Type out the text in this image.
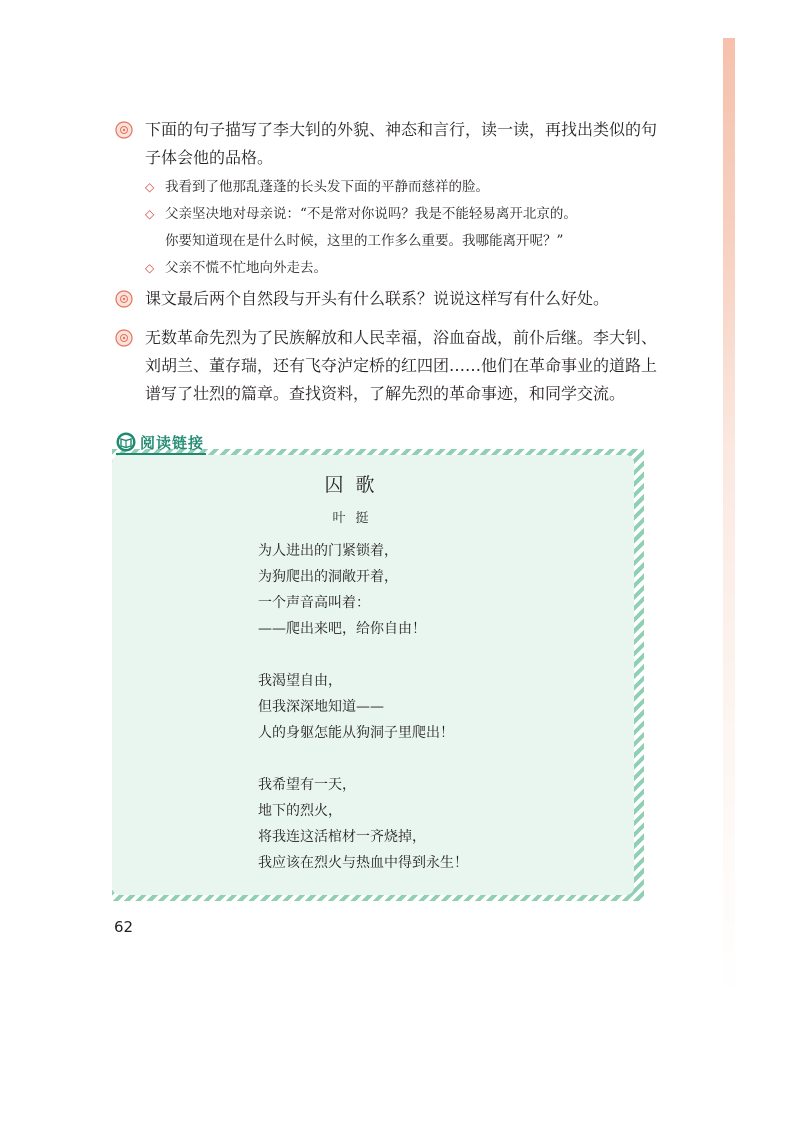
下面的句子描写了李大钊的外貌、神态和言行，读一读，再找出类似的句
子体会他的品格。
◇ 我看到了他那乱蓬蓬的长头发下面的平静而慈祥的脸。
◇ 父亲坚决地对母亲说：“不是常对你说吗？我是不能轻易离开北京的。
你要知道现在是什么时候，这里的工作多么重要。我哪能离开呢？”
◇ 父亲不慌不忙地向外走去。
课文最后两个自然段与开头有什么联系？说说这样写有什么好处。
无数革命先烈为了民族解放和人民幸福，浴血奋战，前仆后继。李大钊、
刘胡兰、董存瑞，还有飞夺泸定桥的红四团……他们在革命事业的道路上
谱写了壮烈的篇章。查找资料，了解先烈的革命事迹，和同学交流。
阅读链接
囚歌
叶挺
为人进出的门紧锁着，
为狗爬出的洞敞开着，
一个声音高叫着：
——爬出来吧，给你自由！
我渴望自由，
但我深深地知道——
人的身躯怎能从狗洞子里爬出！
我希望有一天，
地下的烈火，
将我连这活棺材一齐烧掉，
我应该在烈火与热血中得到永生！
62
